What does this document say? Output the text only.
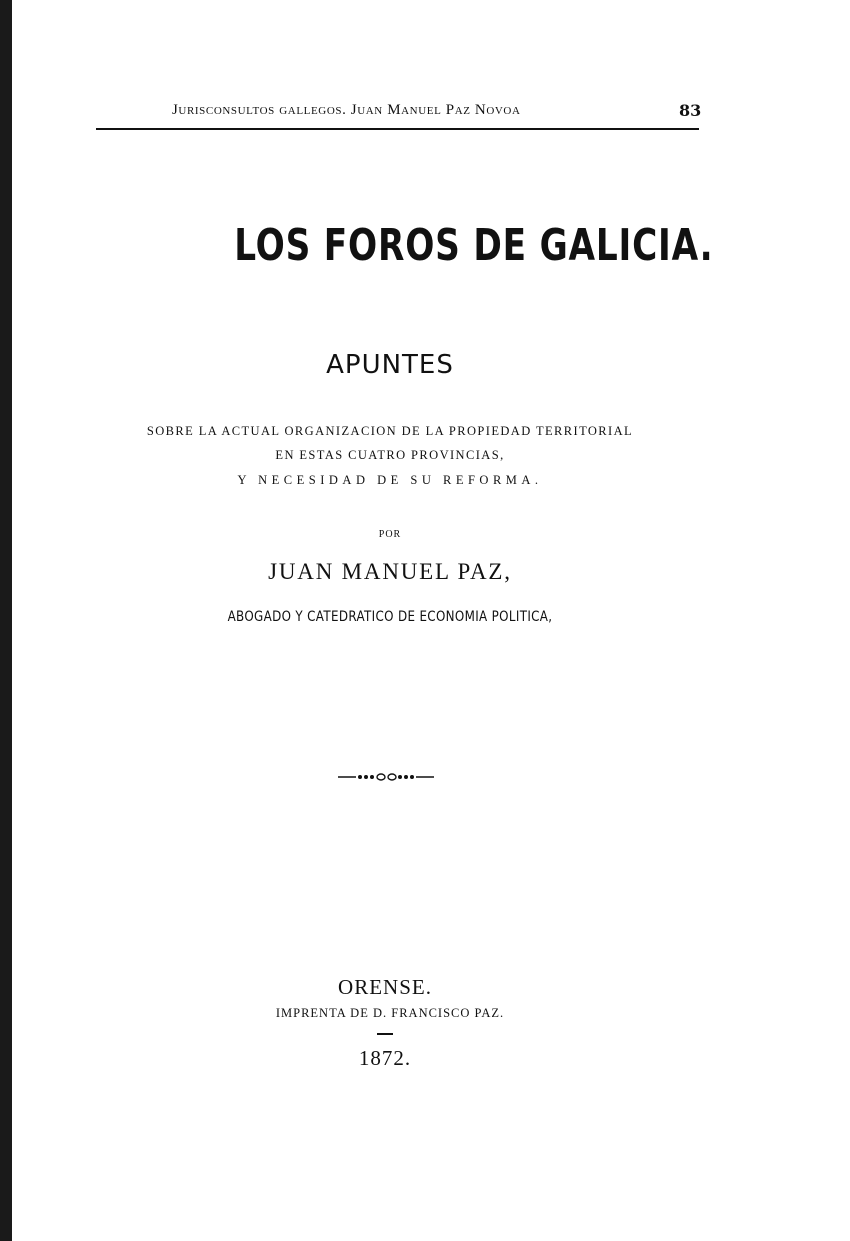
Jurisconsultos gallegos. Juan Manuel Paz Novoa	83
LOS FOROS DE GALICIA.
APUNTES
SOBRE LA ACTUAL ORGANIZACION DE LA PROPIEDAD TERRITORIAL
EN ESTAS CUATRO PROVINCIAS,
Y NECESIDAD DE SU REFORMA.
POR
JUAN MANUEL PAZ,
ABOGADO Y CATEDRATICO DE ECONOMIA POLITICA,
ORENSE.
IMPRENTA DE D. FRANCISCO PAZ.
1872.
